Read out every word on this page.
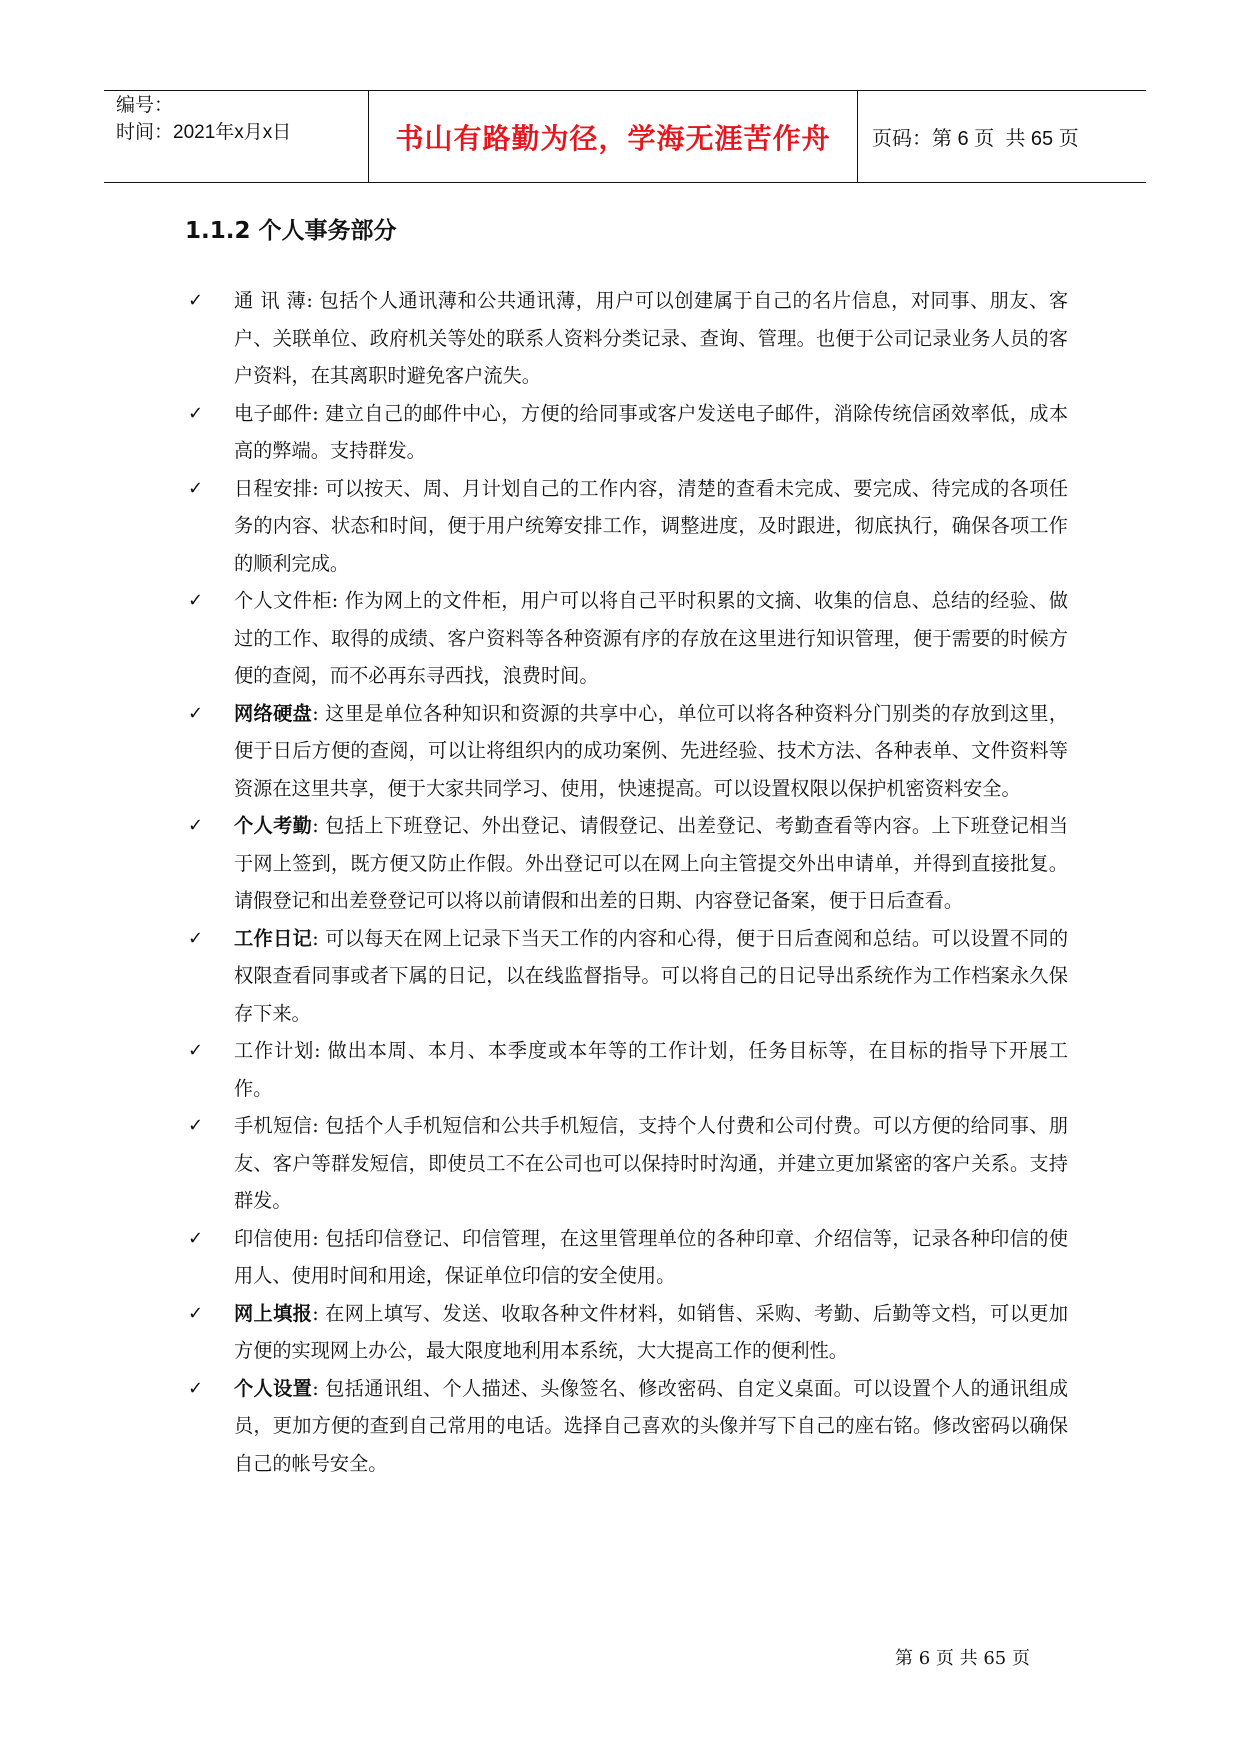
编号：
时间：2021年x月x日	书山有路勤为径，学海无涯苦作舟 页码：第 6 页  共 65 页
1.1.2 个人事务部分
✓ 通 讯 薄: 包括个人通讯薄和公共通讯薄，用户可以创建属于自己的名片信息，对同事、朋友、客户、关联单位、政府机关等处的联系人资料分类记录、查询、管理。也便于公司记录业务人员的客户资料，在其离职时避免客户流失。
✓ 电子邮件: 建立自己的邮件中心，方便的给同事或客户发送电子邮件，消除传统信函效率低，成本高的弊端。支持群发。
✓ 日程安排: 可以按天、周、月计划自己的工作内容，清楚的查看未完成、要完成、待完成的各项任务的内容、状态和时间，便于用户统筹安排工作，调整进度，及时跟进，彻底执行，确保各项工作的顺利完成。
✓ 个人文件柜: 作为网上的文件柜，用户可以将自己平时积累的文摘、收集的信息、总结的经验、做过的工作、取得的成绩、客户资料等各种资源有序的存放在这里进行知识管理，便于需要的时候方便的查阅，而不必再东寻西找，浪费时间。
✓ 网络硬盘: 这里是单位各种知识和资源的共享中心，单位可以将各种资料分门别类的存放到这里，便于日后方便的查阅，可以让将组织内的成功案例、先进经验、技术方法、各种表单、文件资料等资源在这里共享，便于大家共同学习、使用，快速提高。可以设置权限以保护机密资料安全。
✓ 个人考勤: 包括上下班登记、外出登记、请假登记、出差登记、考勤查看等内容。上下班登记相当于网上签到，既方便又防止作假。外出登记可以在网上向主管提交外出申请单，并得到直接批复。请假登记和出差登登记可以将以前请假和出差的日期、内容登记备案，便于日后查看。
✓ 工作日记: 可以每天在网上记录下当天工作的内容和心得，便于日后查阅和总结。可以设置不同的权限查看同事或者下属的日记，以在线监督指导。可以将自己的日记导出系统作为工作档案永久保存下来。
✓ 工作计划: 做出本周、本月、本季度或本年等的工作计划，任务目标等，在目标的指导下开展工作。
✓ 手机短信: 包括个人手机短信和公共手机短信，支持个人付费和公司付费。可以方便的给同事、朋友、客户等群发短信，即使员工不在公司也可以保持时时沟通，并建立更加紧密的客户关系。支持群发。
✓ 印信使用: 包括印信登记、印信管理，在这里管理单位的各种印章、介绍信等，记录各种印信的使用人、使用时间和用途，保证单位印信的安全使用。
✓ 网上填报: 在网上填写、发送、收取各种文件材料，如销售、采购、考勤、后勤等文档，可以更加方便的实现网上办公，最大限度地利用本系统，大大提高工作的便利性。
✓ 个人设置: 包括通讯组、个人描述、头像签名、修改密码、自定义桌面。可以设置个人的通讯组成员，更加方便的查到自己常用的电话。选择自己喜欢的头像并写下自己的座右铭。修改密码以确保自己的帐号安全。
第 6 页 共 65 页
